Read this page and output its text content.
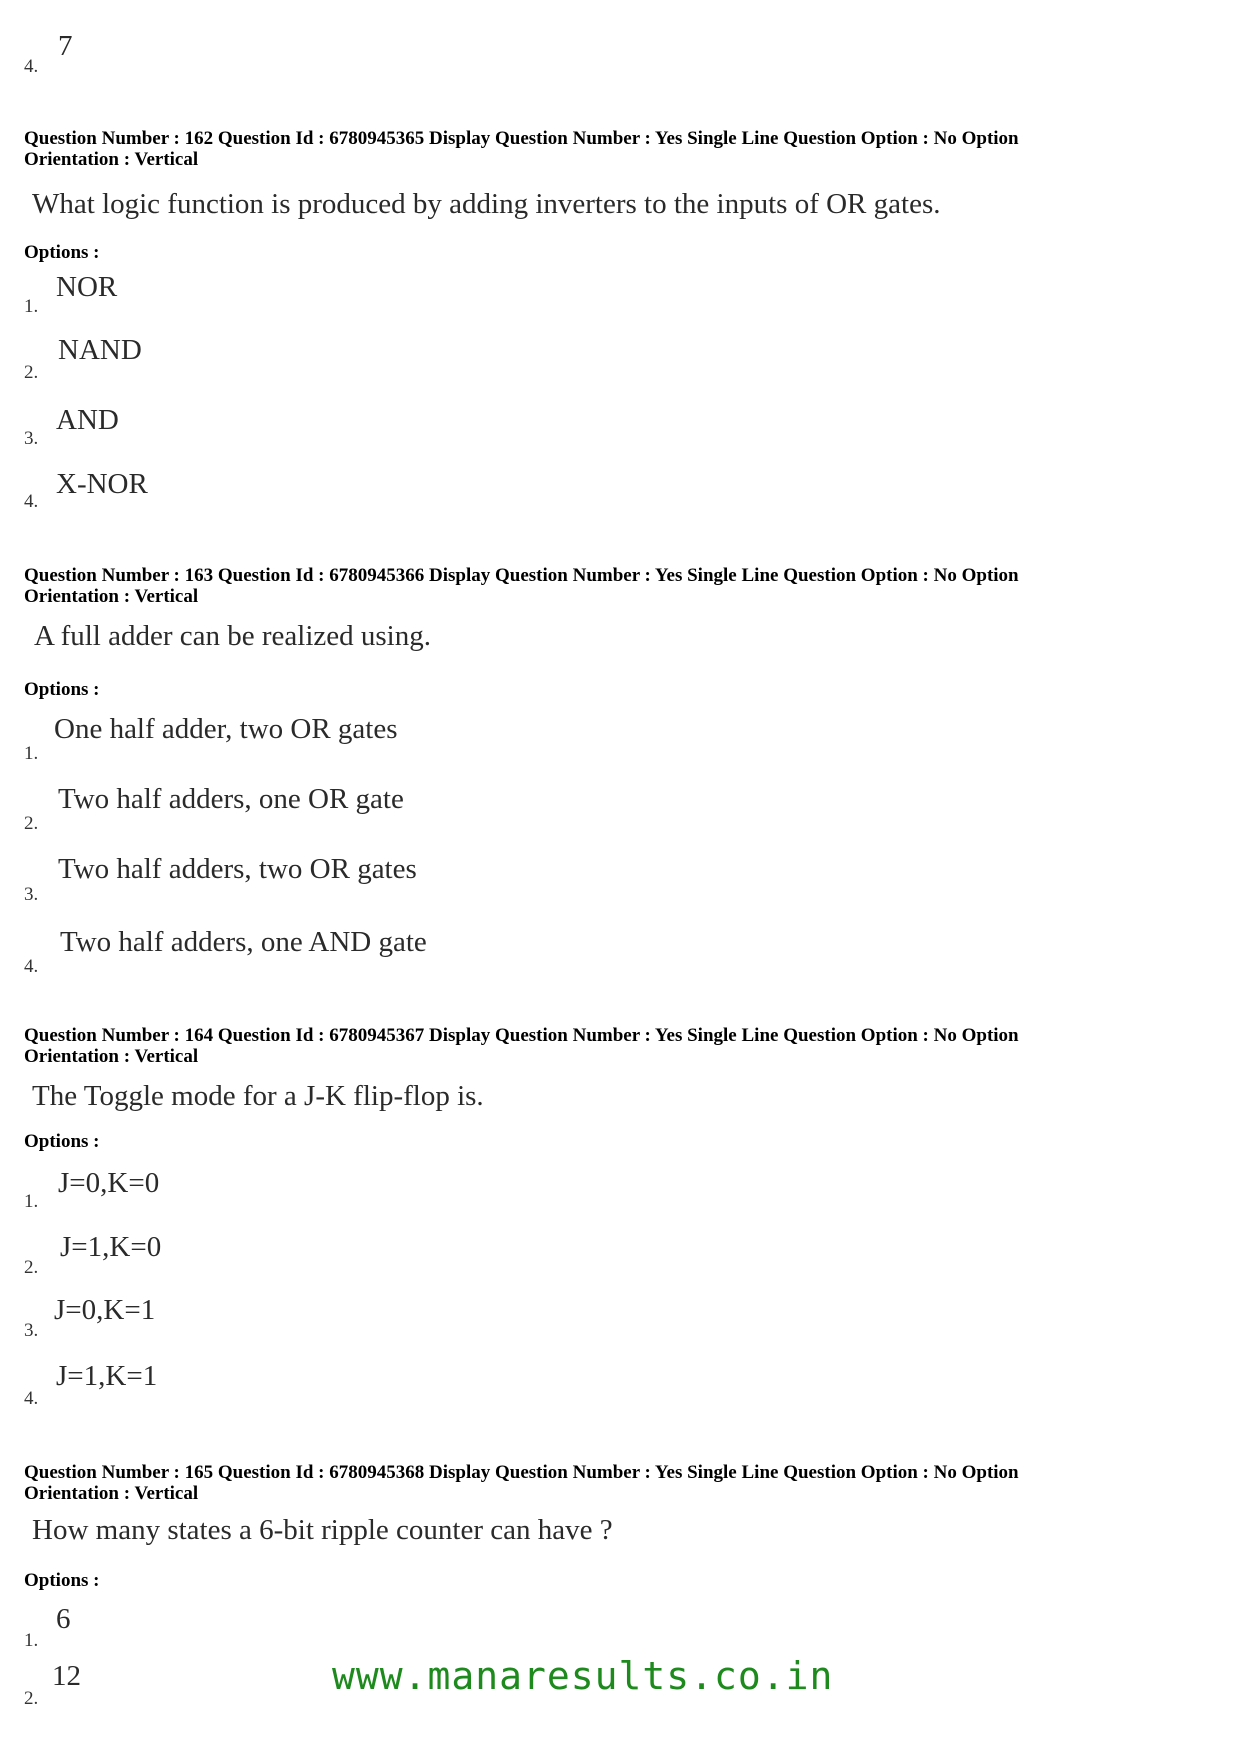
4.
7
Question Number : 162 Question Id : 6780945365 Display Question Number : Yes Single Line Question Option : No Option
Orientation : Vertical
What logic function is produced by adding inverters to the inputs of OR gates.
Options :
1.
NOR
2.
NAND
3.
AND
4.
X-NOR
Question Number : 163 Question Id : 6780945366 Display Question Number : Yes Single Line Question Option : No Option
Orientation : Vertical
A full adder can be realized using.
Options :
1.
One half adder, two OR gates
2.
Two half adders, one OR gate
3.
Two half adders, two OR gates
4.
Two half adders, one AND gate
Question Number : 164 Question Id : 6780945367 Display Question Number : Yes Single Line Question Option : No Option
Orientation : Vertical
The Toggle mode for a J-K flip-flop is.
Options :
1.
J=0,K=0
2.
J=1,K=0
3.
J=0,K=1
4.
J=1,K=1
Question Number : 165 Question Id : 6780945368 Display Question Number : Yes Single Line Question Option : No Option
Orientation : Vertical
How many states a 6-bit ripple counter can have ?
Options :
1.
6
2.
12	www.manaresults.co.in
